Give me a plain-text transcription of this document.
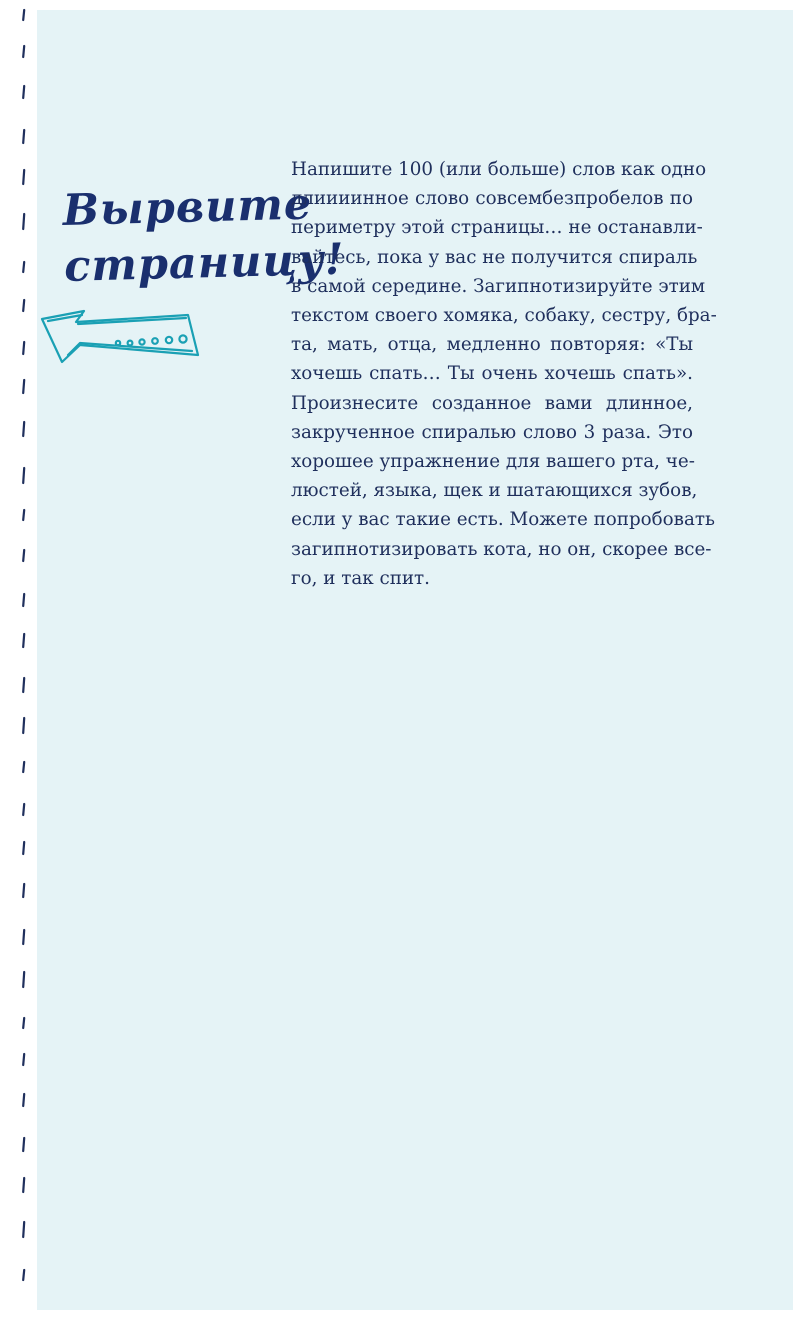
Вырвите
страницу!
Напишите 100 (или больше) слов как одно
длиииинное слово совсембезпробелов по
периметру этой страницы… не останавли-
вайтесь, пока у вас не получится спираль
в самой середине. Загипнотизируйте этим
текстом своего хомяка, собаку, сестру, бра-
та, мать, отца, медленно повторяя: «Ты
хочешь спать… Ты очень хочешь спать».
Произнесите созданное вами длинное,
закрученное спиралью слово 3 раза. Это
хорошее упражнение для вашего рта, че-
люстей, языка, щек и шатающихся зубов,
если у вас такие есть. Можете попробовать
загипнотизировать кота, но он, скорее все-
го, и так спит.
